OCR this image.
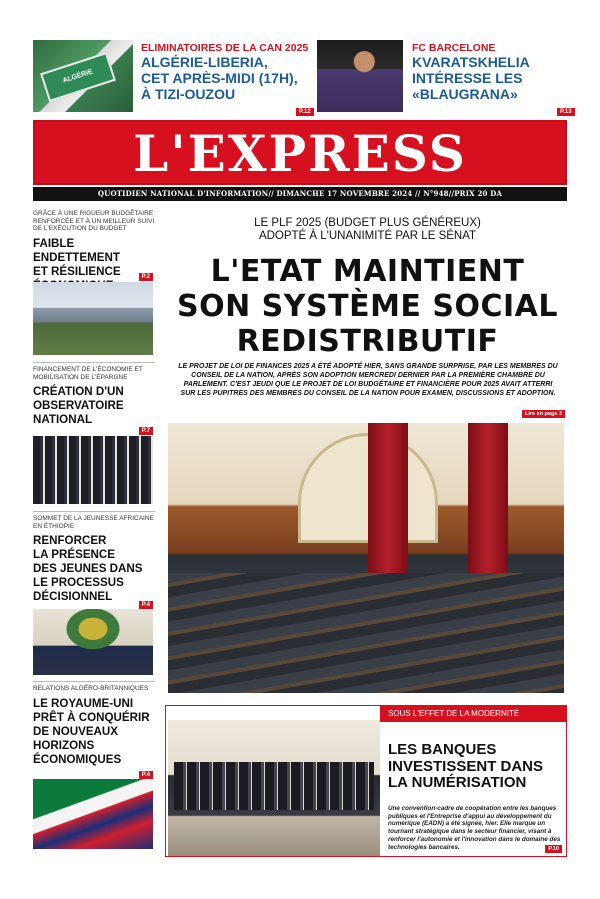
ALGÉRIE
ELIMINATOIRES DE LA CAN 2025
ALGÉRIE-LIBERIA,
CET APRÈS-MIDI (17H),
À TIZI-OUZOU
P.12
FC BARCELONE
KVARATSKHELIA
INTÉRESSE LES
«BLAUGRANA»
P.13
L'EXPRESS
QUOTIDIEN NATIONAL D'INFORMATION// DIMANCHE 17 NOVEMBRE 2024 // N°948//PRIX 20 DA
GRÂCE À UNE RIGUEUR BUDGÉTAIRE RENFORCÉE ET À UN MEILLEUR SUIVI DE L'EXÉCUTION DU BUDGET
FAIBLE ENDETTEMENT
ET RÉSILIENCE	P.2
FINANCEMENT DE L'ÉCONOMIE ET MOBILISATION DE L'ÉPARGNE
CRÉATION D'UN
OBSERVATOIRE
NATIONAL
P.7
SOMMET DE LA JEUNESSE AFRICAINE EN ÉTHIOPIE
RENFORCER
LA PRÉSENCE
DES JEUNES DANS
LE PROCESSUS
DÉCISIONNEL
P.4
RELATIONS ALGÉRO-BRITANNIQUES
LE ROYAUME-UNI
PRÊT À CONQUÉRIR
DE NOUVEAUX
HORIZONS
ÉCONOMIQUES
P.4
LE PLF 2025 (BUDGET PLUS GÉNÉREUX)
ADOPTÉ À L'UNANIMITÉ PAR LE SÉNAT
L'ETAT MAINTIENT
SON SYSTÈME SOCIAL
REDISTRIBUTIF
LE PROJET DE LOI DE FINANCES 2025 A ÉTÉ ADOPTÉ HIER, SANS GRANDE SURPRISE, PAR LES MEMBRES DU CONSEIL DE LA NATION, APRÈS SON ADOPTION MERCREDI DERNIER PAR LA PREMIÈRE CHAMBRE DU PARLEMENT. C'EST JEUDI QUE LE PROJET DE LOI BUDGÉTAIRE ET FINANCIÈRE POUR 2025 AVAIT ATTERRI SUR LES PUPITRES DES MEMBRES DU CONSEIL DE LA NATION POUR EXAMEN, DISCUSSIONS ET ADOPTION.
Lire en page 3
SOUS L'EFFET DE LA MODERNITÉ
LES BANQUES
INVESTISSENT DANS
LA NUMÉRISATION
Une convention-cadre de coopération entre les banques publiques et l'Entreprise d'appui au développement du numérique (EADN) a été signée, hier. Elle marque un tournant stratégique dans le secteur financier, visant à renforcer l'autonomie et l'innovation dans le domaine des technologies bancaires.	P.10
